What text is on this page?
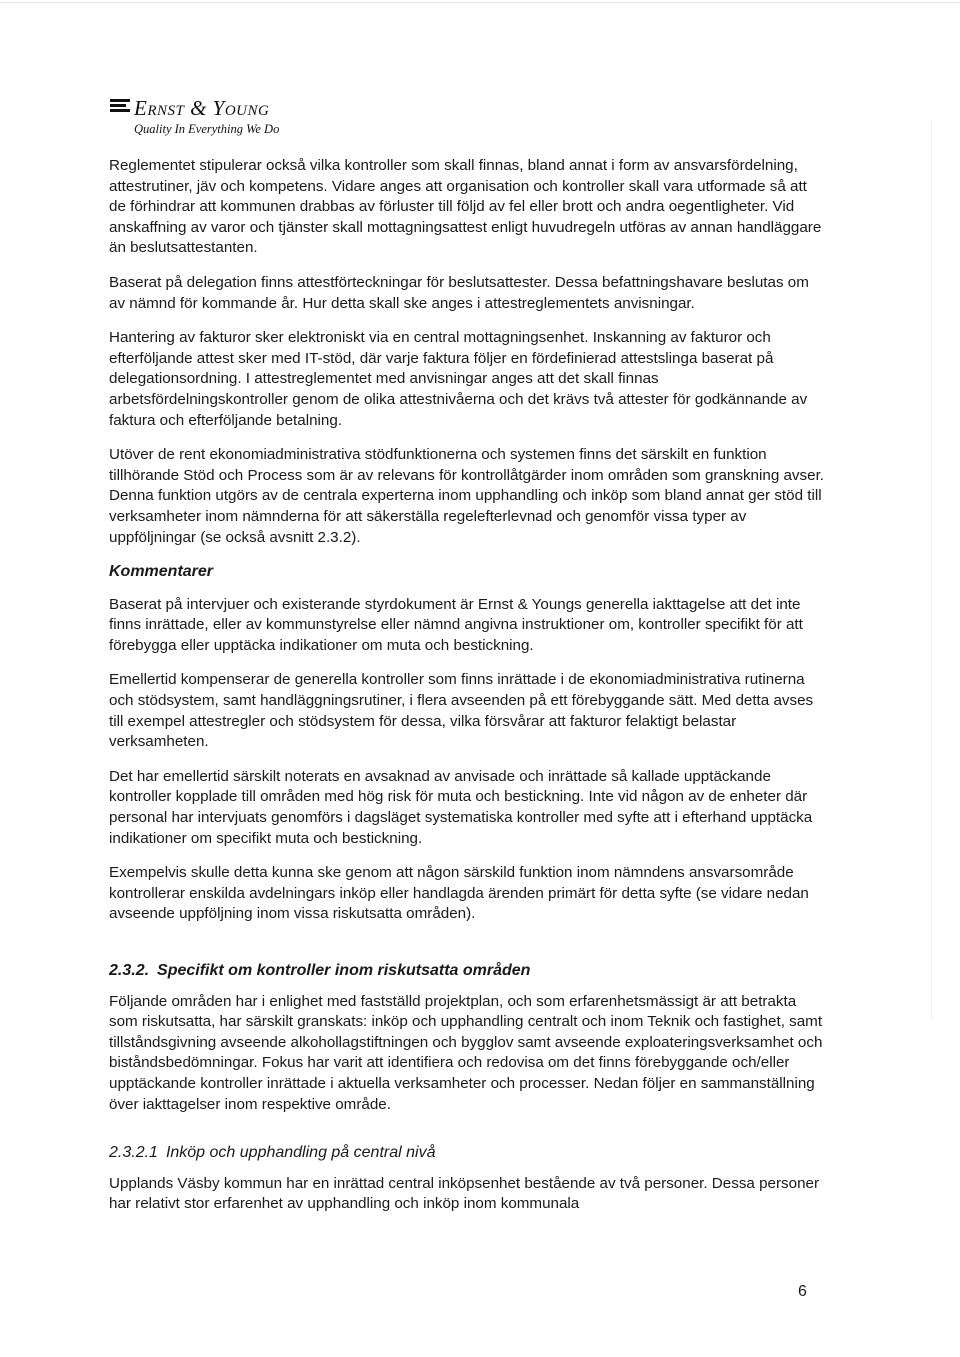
Ernst & Young
Quality In Everything We Do

Reglementet stipulerar också vilka kontroller som skall finnas, bland annat i form av ansvarsfördelning, attestrutiner, jäv och kompetens. Vidare anges att organisation och kontroller skall vara utformade så att de förhindrar att kommunen drabbas av förluster till följd av fel eller brott och andra oegentligheter. Vid anskaffning av varor och tjänster skall mottagningsattest enligt huvudregeln utföras av annan handläggare än beslutsattestanten.

Baserat på delegation finns attestförteckningar för beslutsattester. Dessa befattningshavare beslutas om av nämnd för kommande år. Hur detta skall ske anges i attestreglementets anvisningar.

Hantering av fakturor sker elektroniskt via en central mottagningsenhet. Inskanning av fakturor och efterföljande attest sker med IT-stöd, där varje faktura följer en fördefinierad attestslinga baserat på delegationsordning. I attestreglementet med anvisningar anges att det skall finnas arbetsfördelningskontroller genom de olika attestnivåerna och det krävs två attester för godkännande av faktura och efterföljande betalning.

Utöver de rent ekonomiadministrativa stödfunktionerna och systemen finns det särskilt en funktion tillhörande Stöd och Process som är av relevans för kontrollåtgärder inom områden som granskning avser. Denna funktion utgörs av de centrala experterna inom upphandling och inköp som bland annat ger stöd till verksamheter inom nämnderna för att säkerställa regelefterlevnad och genomför vissa typer av uppföljningar (se också avsnitt 2.3.2).

Kommentarer

Baserat på intervjuer och existerande styrdokument är Ernst & Youngs generella iakttagelse att det inte finns inrättade, eller av kommunstyrelse eller nämnd angivna instruktioner om, kontroller specifikt för att förebygga eller upptäcka indikationer om muta och bestickning.

Emellertid kompenserar de generella kontroller som finns inrättade i de ekonomiadministrativa rutinerna och stödsystem, samt handläggningsrutiner, i flera avseenden på ett förebyggande sätt. Med detta avses till exempel attestregler och stödsystem för dessa, vilka försvårar att fakturor felaktigt belastar verksamheten.

Det har emellertid särskilt noterats en avsaknad av anvisade och inrättade så kallade upptäckande kontroller kopplade till områden med hög risk för muta och bestickning. Inte vid någon av de enheter där personal har intervjuats genomförs i dagsläget systematiska kontroller med syfte att i efterhand upptäcka indikationer om specifikt muta och bestickning.

Exempelvis skulle detta kunna ske genom att någon särskild funktion inom nämndens ansvarsområde kontrollerar enskilda avdelningars inköp eller handlagda ärenden primärt för detta syfte (se vidare nedan avseende uppföljning inom vissa riskutsatta områden).

2.3.2. Specifikt om kontroller inom riskutsatta områden

Följande områden har i enlighet med fastställd projektplan, och som erfarenhetsmässigt är att betrakta som riskutsatta, har särskilt granskats: inköp och upphandling centralt och inom Teknik och fastighet, samt tillståndsgivning avseende alkohollagstiftningen och bygglov samt avseende exploateringsverksamhet och biståndsbedömningar. Fokus har varit att identifiera och redovisa om det finns förebyggande och/eller upptäckande kontroller inrättade i aktuella verksamheter och processer. Nedan följer en sammanställning över iakttagelser inom respektive område.

2.3.2.1 Inköp och upphandling på central nivå

Upplands Väsby kommun har en inrättad central inköpsenhet bestående av två personer. Dessa personer har relativt stor erfarenhet av upphandling och inköp inom kommunala

6
